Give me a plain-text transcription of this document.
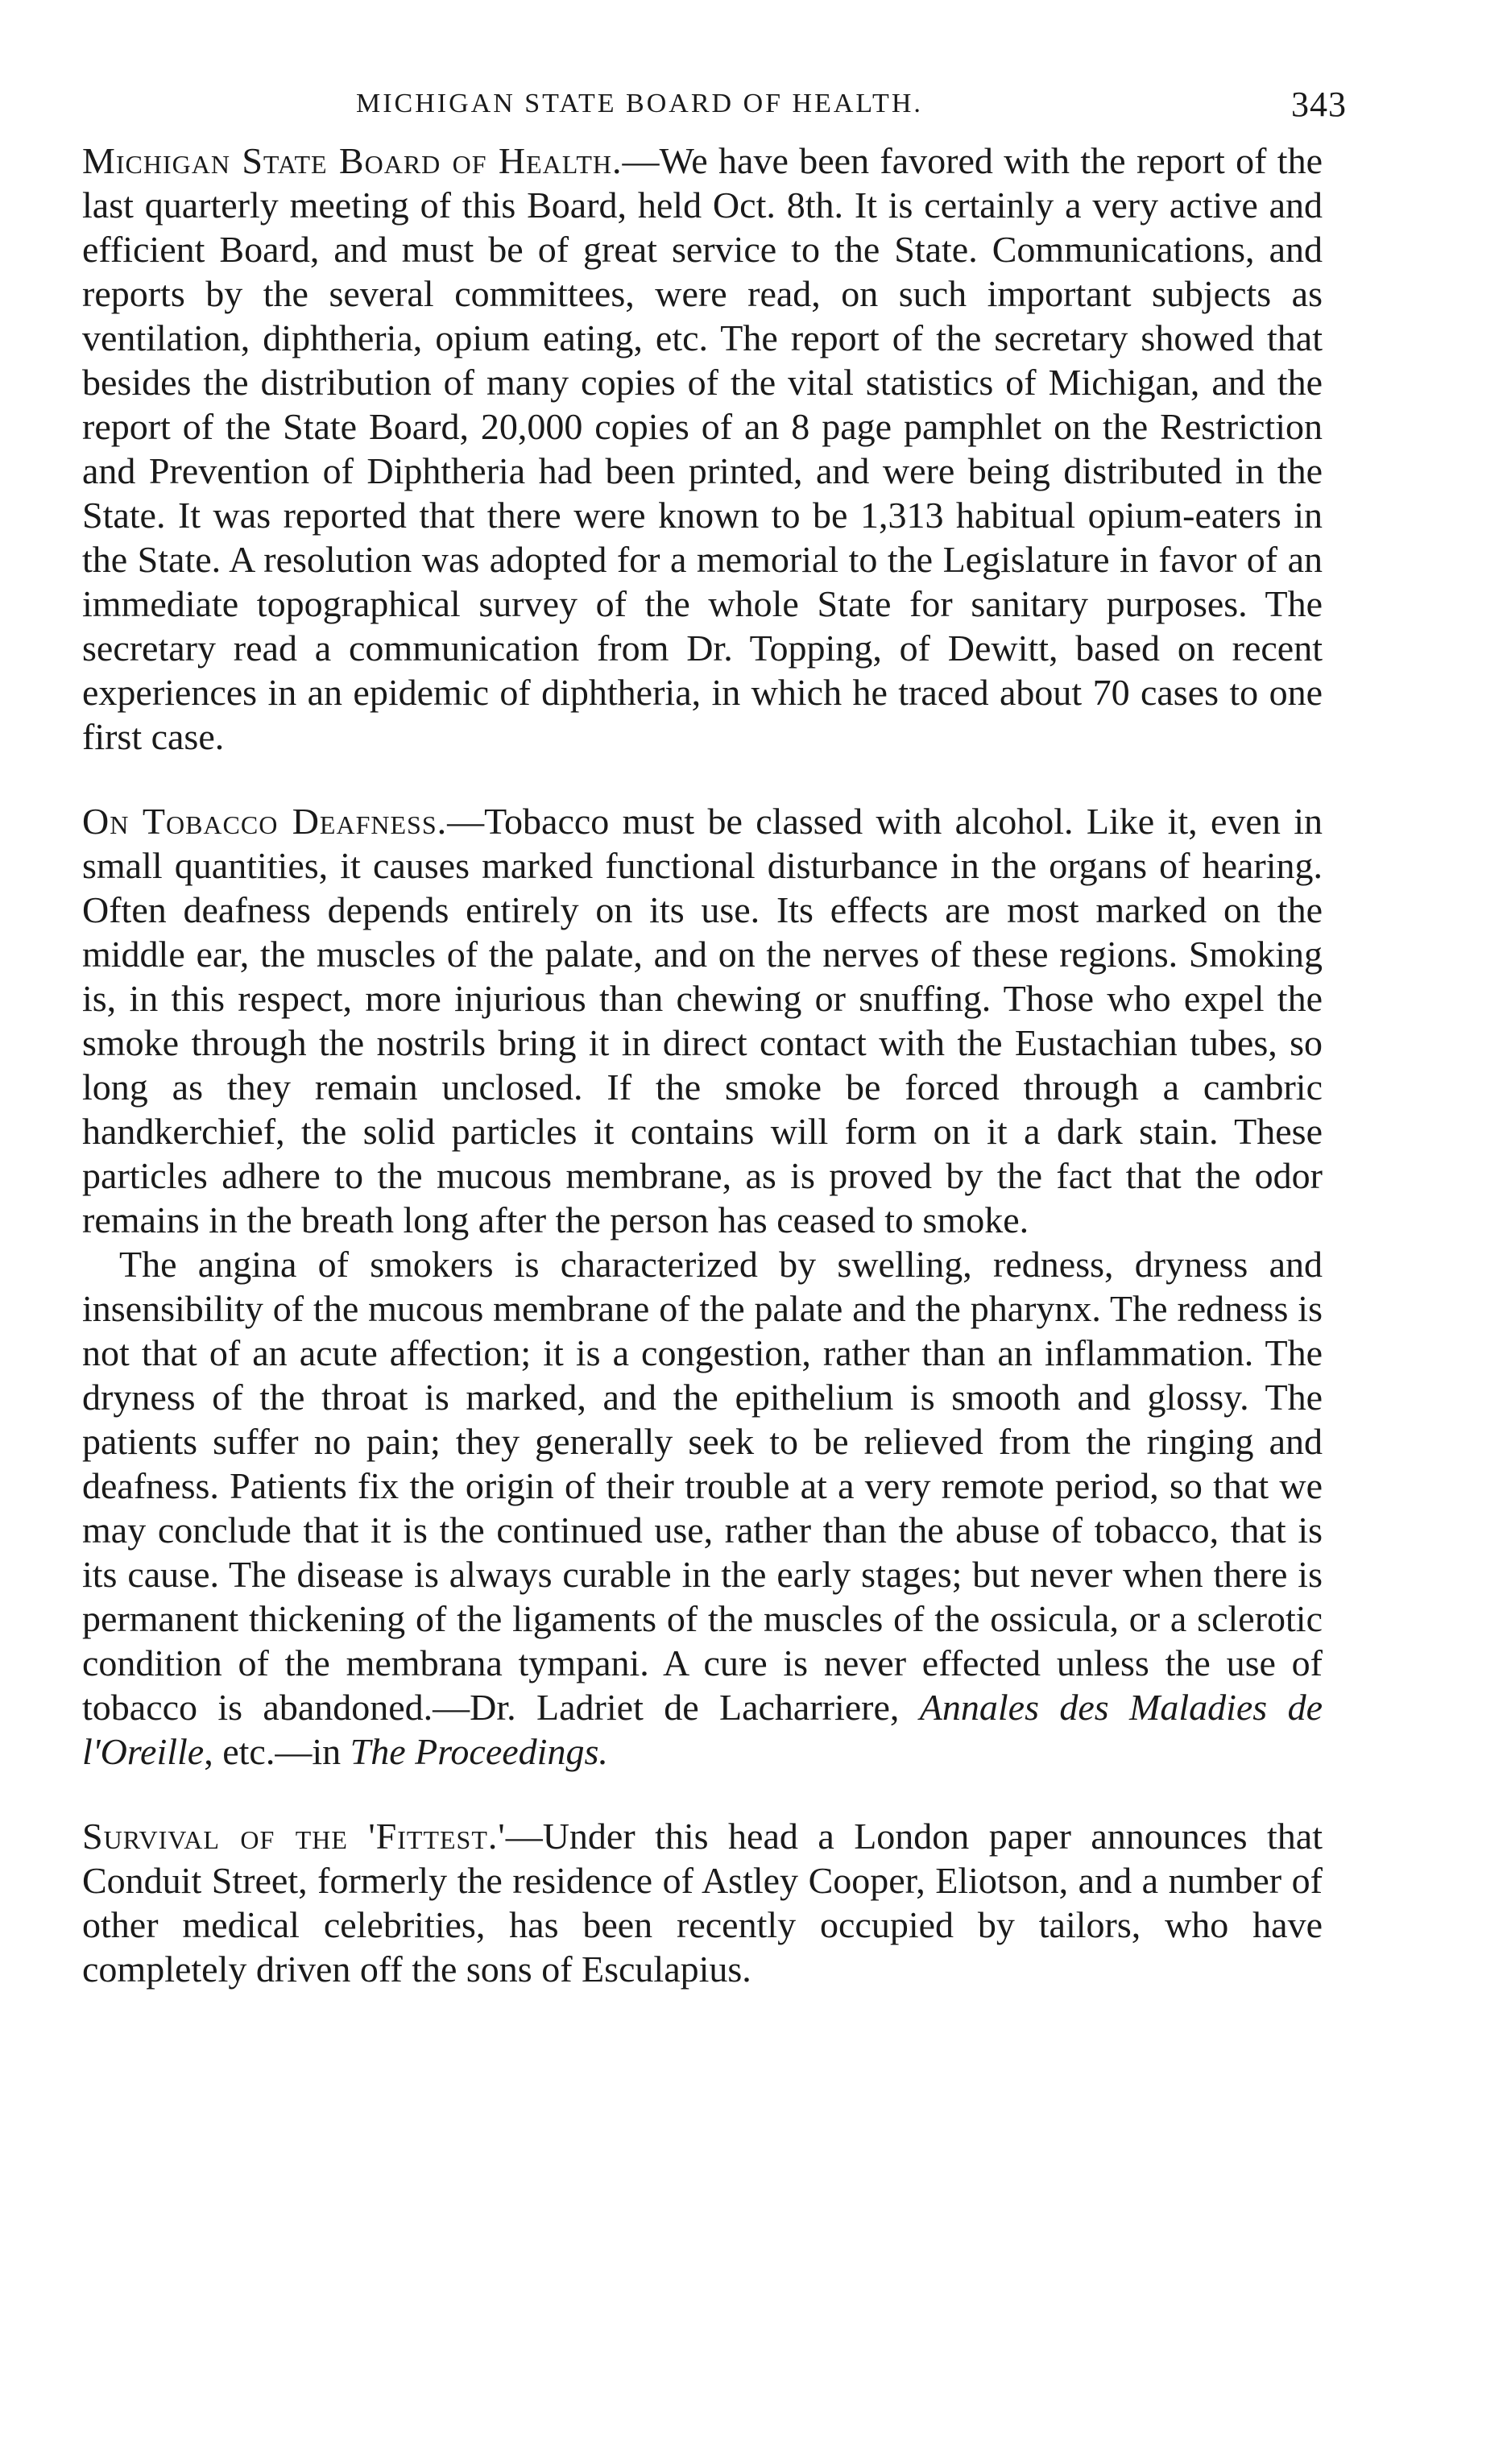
MICHIGAN STATE BOARD OF HEALTH.	343

Michigan State Board of Health.—We have been favored with the report of the last quarterly meeting of this Board, held Oct. 8th. It is certainly a very active and efficient Board, and must be of great service to the State. Communications, and reports by the several committees, were read, on such important subjects as ventilation, diphtheria, opium eating, etc. The report of the secretary showed that besides the distribution of many copies of the vital statistics of Michigan, and the report of the State Board, 20,000 copies of an 8 page pamphlet on the Restriction and Prevention of Diphtheria had been printed, and were being distributed in the State. It was reported that there were known to be 1,313 habitual opium-eaters in the State. A resolution was adopted for a memorial to the Legislature in favor of an immediate topographical survey of the whole State for sanitary purposes. The secretary read a communication from Dr. Topping, of Dewitt, based on recent experiences in an epidemic of diphtheria, in which he traced about 70 cases to one first case.

On Tobacco Deafness.—Tobacco must be classed with alcohol. Like it, even in small quantities, it causes marked functional disturbance in the organs of hearing. Often deafness depends entirely on its use. Its effects are most marked on the middle ear, the muscles of the palate, and on the nerves of these regions. Smoking is, in this respect, more injurious than chewing or snuffing. Those who expel the smoke through the nostrils bring it in direct contact with the Eustachian tubes, so long as they remain unclosed. If the smoke be forced through a cambric handkerchief, the solid particles it contains will form on it a dark stain. These particles adhere to the mucous membrane, as is proved by the fact that the odor remains in the breath long after the person has ceased to smoke.

 The angina of smokers is characterized by swelling, redness, dryness and insensibility of the mucous membrane of the palate and the pharynx. The redness is not that of an acute affection; it is a congestion, rather than an inflammation. The dryness of the throat is marked, and the epithelium is smooth and glossy. The patients suffer no pain; they generally seek to be relieved from the ringing and deafness. Patients fix the origin of their trouble at a very remote period, so that we may conclude that it is the continued use, rather than the abuse of tobacco, that is its cause. The disease is always curable in the early stages; but never when there is permanent thickening of the ligaments of the muscles of the ossicula, or a sclerotic condition of the membrana tympani. A cure is never effected unless the use of tobacco is abandoned.—Dr. Ladriet de Lacharriere, Annales des Maladies de l'Oreille, etc.—in The Proceedings.

Survival of the 'Fittest.'—Under this head a London paper announces that Conduit Street, formerly the residence of Astley Cooper, Eliotson, and a number of other medical celebrities, has been recently occupied by tailors, who have completely driven off the sons of Esculapius.
